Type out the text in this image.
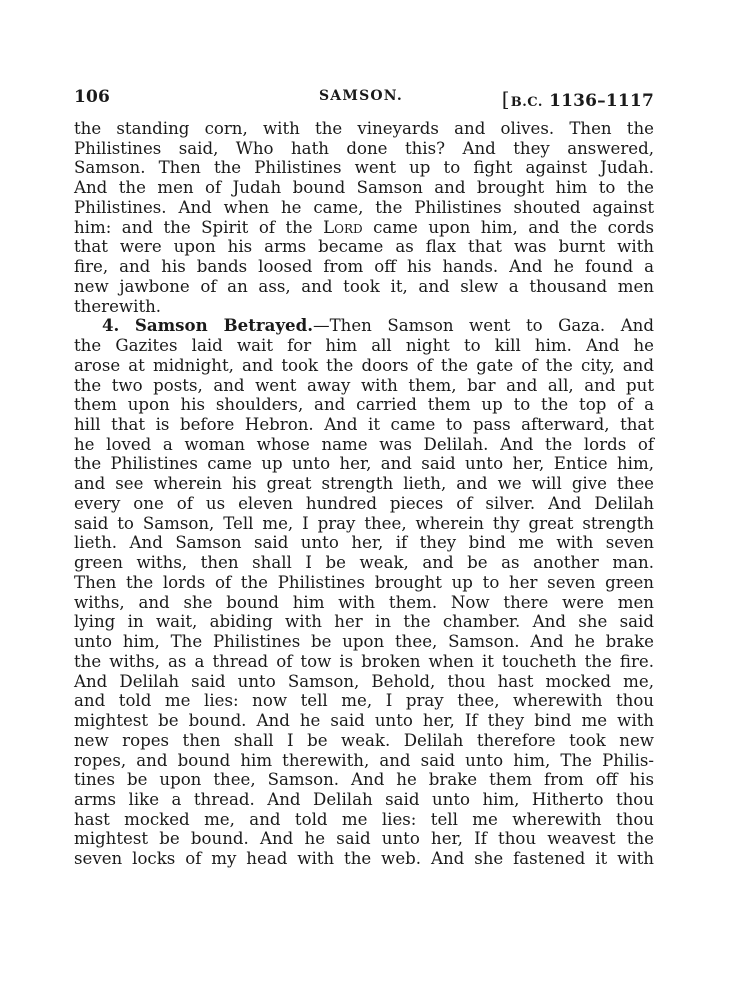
106	SAMSON.	[B.C. 1136–1117
the standing corn, with the vineyards and olives. Then the
Philistines said, Who hath done this? And they answered,
Samson. Then the Philistines went up to fight against Judah.
And the men of Judah bound Samson and brought him to the
Philistines. And when he came, the Philistines shouted against
him: and the Spirit of the Lord came upon him, and the cords
that were upon his arms became as flax that was burnt with
fire, and his bands loosed from off his hands. And he found a
new jawbone of an ass, and took it, and slew a thousand men
therewith.
4. Samson Betrayed.—Then Samson went to Gaza. And
the Gazites laid wait for him all night to kill him. And he
arose at midnight, and took the doors of the gate of the city, and
the two posts, and went away with them, bar and all, and put
them upon his shoulders, and carried them up to the top of a
hill that is before Hebron. And it came to pass afterward, that
he loved a woman whose name was Delilah. And the lords of
the Philistines came up unto her, and said unto her, Entice him,
and see wherein his great strength lieth, and we will give thee
every one of us eleven hundred pieces of silver. And Delilah
said to Samson, Tell me, I pray thee, wherein thy great strength
lieth. And Samson said unto her, if they bind me with seven
green withs, then shall I be weak, and be as another man.
Then the lords of the Philistines brought up to her seven green
withs, and she bound him with them. Now there were men
lying in wait, abiding with her in the chamber. And she said
unto him, The Philistines be upon thee, Samson. And he brake
the withs, as a thread of tow is broken when it toucheth the fire.
And Delilah said unto Samson, Behold, thou hast mocked me,
and told me lies: now tell me, I pray thee, wherewith thou
mightest be bound. And he said unto her, If they bind me with
new ropes then shall I be weak. Delilah therefore took new
ropes, and bound him therewith, and said unto him, The Philis-
tines be upon thee, Samson. And he brake them from off his
arms like a thread. And Delilah said unto him, Hitherto thou
hast mocked me, and told me lies: tell me wherewith thou
mightest be bound. And he said unto her, If thou weavest the
seven locks of my head with the web. And she fastened it with
